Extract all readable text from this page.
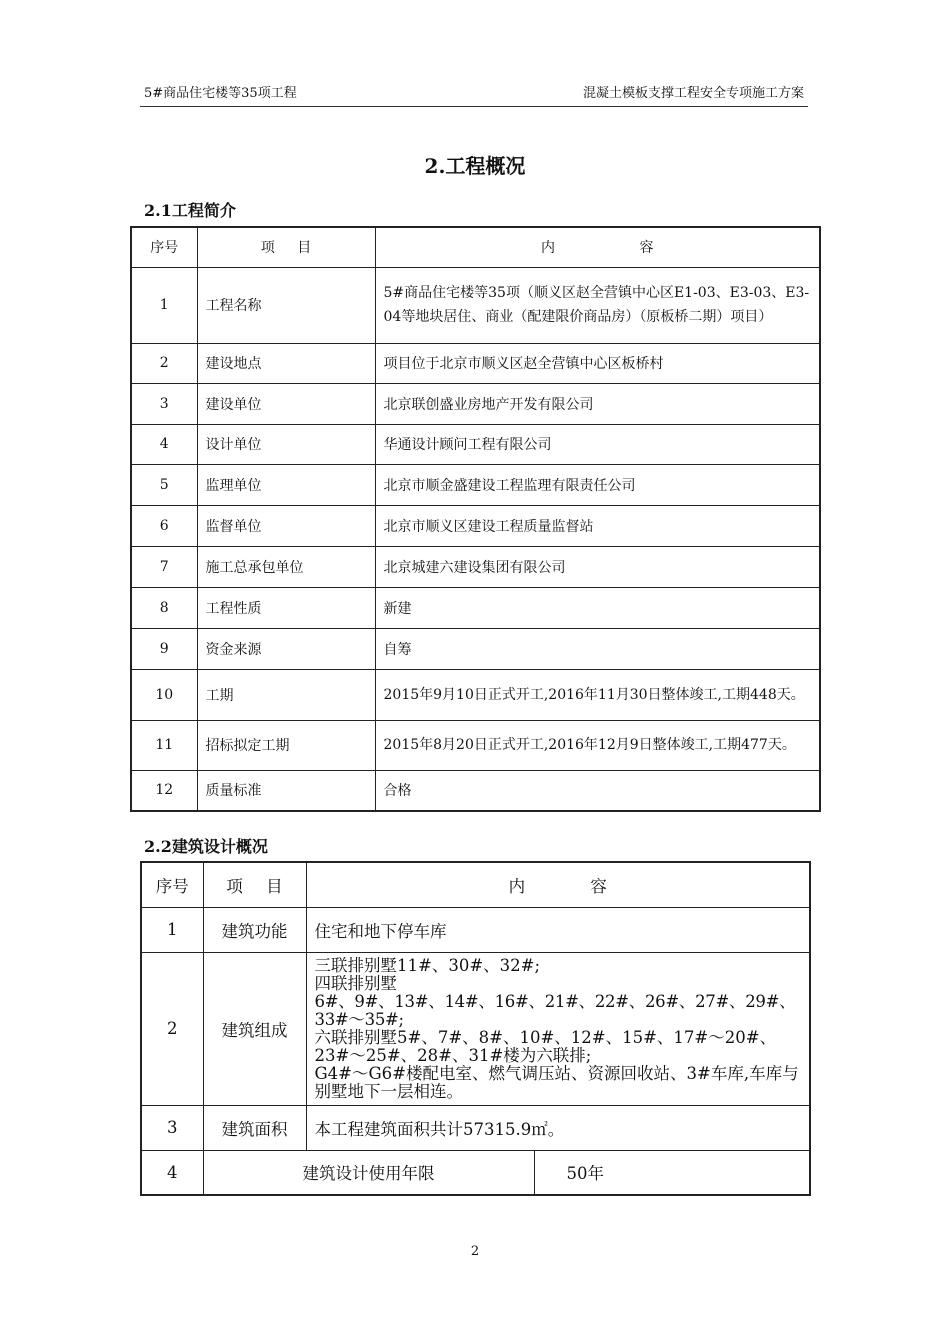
5#商品住宅楼等35项工程	混凝土模板支撑工程安全专项施工方案
2.工程概况
2.1工程简介
序号	项 目	内 容
1	工程名称	5#商品住宅楼等35项（顺义区赵全营镇中心区E1-03、E3-03、E3-04等地块居住、商业（配建限价商品房）（原板桥二期）项目）
2	建设地点	项目位于北京市顺义区赵全营镇中心区板桥村
3	建设单位	北京联创盛业房地产开发有限公司
4	设计单位	华通设计顾问工程有限公司
5	监理单位	北京市顺金盛建设工程监理有限责任公司
6	监督单位	北京市顺义区建设工程质量监督站
7	施工总承包单位	北京城建六建设集团有限公司
8	工程性质	新建
9	资金来源	自筹
10	工期	2015年9月10日正式开工,2016年11月30日整体竣工,工期448天。
11	招标拟定工期	2015年8月20日正式开工,2016年12月9日整体竣工,工期477天。
12	质量标准	合格
2.2建筑设计概况
序号	项 目	内 容	
1	建筑功能	住宅和地下停车库	
2	建筑组成	三联排别墅11#、30#、32#;
四联排别墅
6#、9#、13#、14#、16#、21#、22#、26#、27#、29#、33#～35#;
六联排别墅5#、7#、8#、10#、12#、15#、17#～20#、23#～25#、28#、31#楼为六联排;
G4#～G6#楼配电室、燃气调压站、资源回收站、3#车库,车库与别墅地下一层相连。	

3	建筑面积	本工程建筑面积共计57315.9㎡。	
4	建筑设计使用年限		50年
2
